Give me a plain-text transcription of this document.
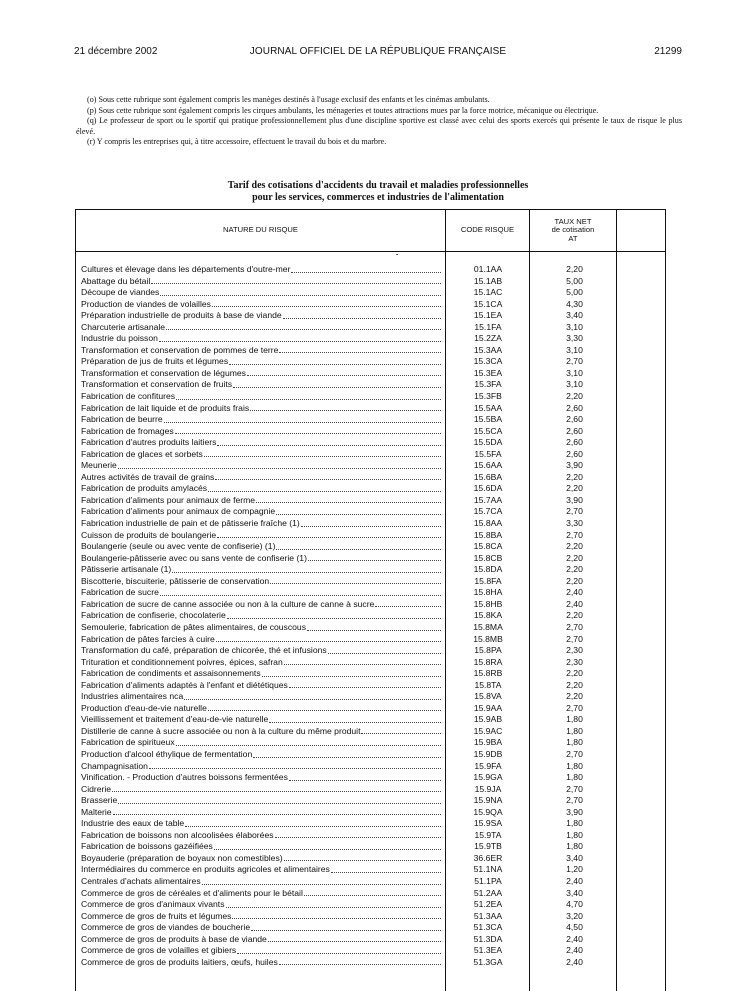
21 décembre 2002	JOURNAL OFFICIEL DE LA RÉPUBLIQUE FRANÇAISE	21299

(o) Sous cette rubrique sont également compris les manèges destinés à l'usage exclusif des enfants et les cinémas ambulants.

(p) Sous cette rubrique sont également compris les cirques ambulants, les ménageries et toutes attractions mues par la force motrice, mécanique ou électrique.

(q) Le professeur de sport ou le sportif qui pratique professionnellement plus d'une discipline sportive est classé avec celui des sports exercés qui présente le taux de risque le plus élevé.

(r) Y compris les entreprises qui, à titre accessoire, effectuent le travail du bois et du marbre.

Tarif des cotisations d'accidents du travail et maladies professionnelles
pour les services, commerces et industries de l'alimentation
NATURE DU RISQUE	CODE RISQUE
TAUX NET
de cotisation
AT
Cultures et élevage dans les départements d'outre-mer	01.1AA	2,20
Abattage du bétail	15.1AB	5,00
Découpe de viandes	15.1AC	5,00
Production de viandes de volailles	15.1CA	4,30
Préparation industrielle de produits à base de viande	15.1EA	3,40
Charcuterie artisanale	15.1FA	3,10
Industrie du poisson	15.2ZA	3,30
Transformation et conservation de pommes de terre	15.3AA	3,10
Préparation de jus de fruits et légumes	15.3CA	2,70
Transformation et conservation de légumes	15.3EA	3,10
Transformation et conservation de fruits	15.3FA	3,10
Fabrication de confitures	15.3FB	2,20
Fabrication de lait liquide et de produits frais	15.5AA	2,60
Fabrication de beurre	15.5BA	2,60
Fabrication de fromages	15.5CA	2,60
Fabrication d'autres produits laitiers	15.5DA	2,60
Fabrication de glaces et sorbets	15.5FA	2,60
Meunerie	15.6AA	3,90
Autres activités de travail de grains	15.6BA	2,20
Fabrication de produits amylacés	15.6DA	2,20
Fabrication d'aliments pour animaux de ferme	15.7AA	3,90
Fabrication d'aliments pour animaux de compagnie	15.7CA	2,70
Fabrication industrielle de pain et de pâtisserie fraîche (1)	15.8AA	3,30
Cuisson de produits de boulangerie	15.8BA	2,70
Boulangerie (seule ou avec vente de confiserie) (1)	15.8CA	2,20
Boulangerie-pâtisserie avec ou sans vente de confiserie (1)	15.8CB	2,20
Pâtisserie artisanale (1)	15.8DA	2,20
Biscotterie, biscuiterie, pâtisserie de conservation	15.8FA	2,20
Fabrication de sucre	15.8HA	2,40
Fabrication de sucre de canne associée ou non à la culture de canne à sucre	15.8HB	2,40
Fabrication de confiserie, chocolaterie	15.8KA	2,20
Semoulerie, fabrication de pâtes alimentaires, de couscous	15.8MA	2,70
Fabrication de pâtes farcies à cuire	15.8MB	2,70
Transformation du café, préparation de chicorée, thé et infusions	15.8PA	2,30
Trituration et conditionnement poivres, épices, safran	15.8RA	2,30
Fabrication de condiments et assaisonnements	15.8RB	2,20
Fabrication d'aliments adaptés à l'enfant et diététiques	15.8TA	2,20
Industries alimentaires nca	15.8VA	2,20
Production d'eau-de-vie naturelle	15.9AA	2,70
Vieillissement et traitement d'eau-de-vie naturelle	15.9AB	1,80
Distillerie de canne à sucre associée ou non à la culture du même produit	15.9AC	1,80
Fabrication de spiritueux	15.9BA	1,80
Production d'alcool éthylique de fermentation	15.9DB	2,70
Champagnisation	15.9FA	1,80
Vinification. - Production d'autres boissons fermentées	15.9GA	1,80
Cidrerie	15.9JA	2,70
Brasserie	15.9NA	2,70
Malterie	15.9QA	3,90
Industrie des eaux de table	15.9SA	1,80
Fabrication de boissons non alcoolisées élaborées	15.9TA	1,80
Fabrication de boissons gazéifiées	15.9TB	1,80
Boyauderie (préparation de boyaux non comestibles)	36.6ER	3,40
Intermédiaires du commerce en produits agricoles et alimentaires	51.1NA	1,20
Centrales d'achats alimentaires	51.1PA	2,40
Commerce de gros de céréales et d'aliments pour le bétail	51.2AA	3,40
Commerce de gros d'animaux vivants	51.2EA	4,70
Commerce de gros de fruits et légumes	51.3AA	3,20
Commerce de gros de viandes de boucherie	51.3CA	4,50
Commerce de gros de produits à base de viande	51.3DA	2,40
Commerce de gros de volailles et gibiers	51.3EA	2,40
Commerce de gros de produits laitiers, œufs, huiles	51.3GA	2,40
